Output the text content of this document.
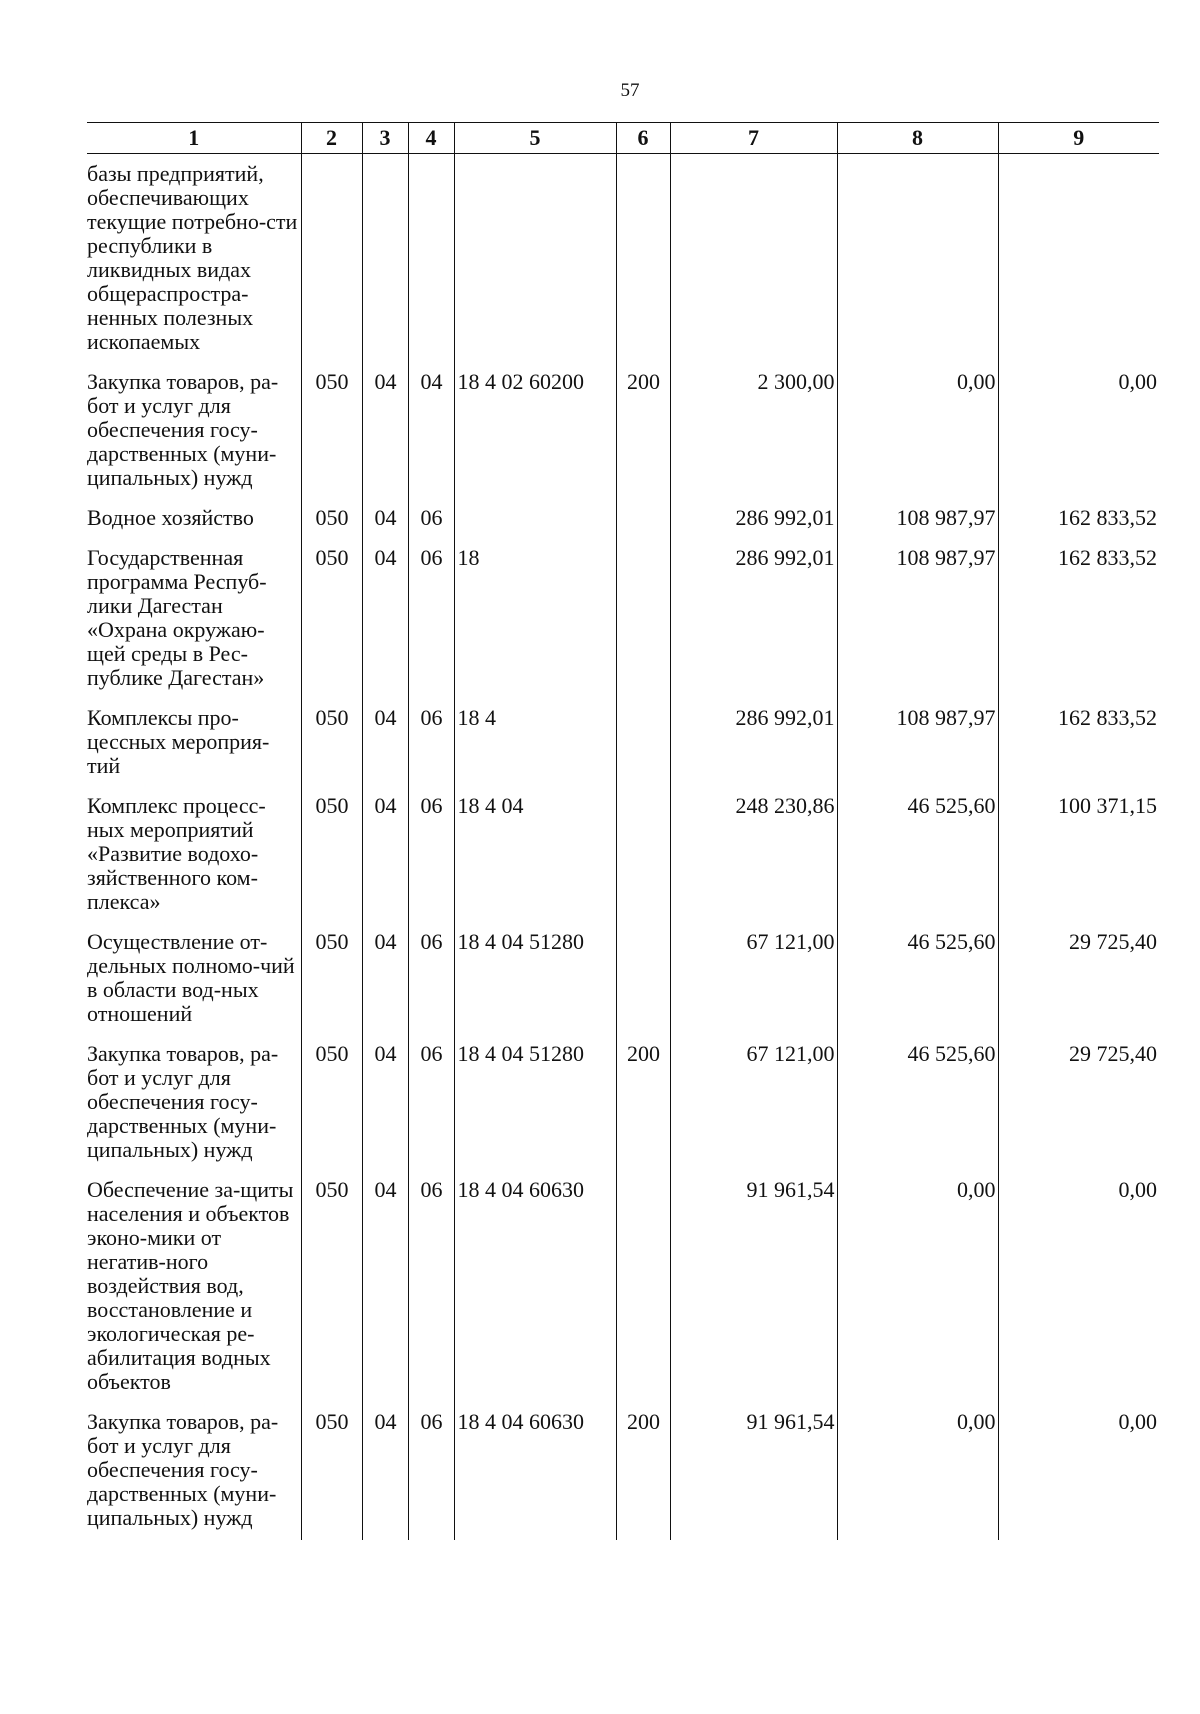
57
1	2	3	4	5	6	7	8	9
базы предприятий, обеспечивающих текущие потребно-сти республики в ликвидных видах общераспростра-ненных полезных ископаемых								
Закупка товаров, ра-бот и услуг для обеспечения госу-дарственных (муни-ципальных) нужд	050	04	04	18 4 02 60200	200	2 300,00	0,00	0,00
Водное хозяйство	050	04	06			286 992,01	108 987,97	162 833,52
Государственная программа Респуб-лики Дагестан «Охрана окружаю-щей среды в Рес-публике Дагестан»	050	04	06	18		286 992,01	108 987,97	162 833,52
Комплексы про-цессных мероприя-тий	050	04	06	18 4		286 992,01	108 987,97	162 833,52
Комплекс процесс-ных мероприятий «Развитие водохо-зяйственного ком-плекса»	050	04	06	18 4 04		248 230,86	46 525,60	100 371,15
Осуществление от-дельных полномо-чий в области вод-ных отношений	050	04	06	18 4 04 51280		67 121,00	46 525,60	29 725,40
Закупка товаров, ра-бот и услуг для обеспечения госу-дарственных (муни-ципальных) нужд	050	04	06	18 4 04 51280	200	67 121,00	46 525,60	29 725,40
Обеспечение за-щиты населения и объектов эконо-мики от негатив-ного воздействия вод, восстановление и экологическая ре-абилитация водных объектов	050	04	06	18 4 04 60630		91 961,54	0,00	0,00
Закупка товаров, ра-бот и услуг для обеспечения госу-дарственных (муни-ципальных) нужд	050	04	06	18 4 04 60630	200	91 961,54	0,00	0,00
